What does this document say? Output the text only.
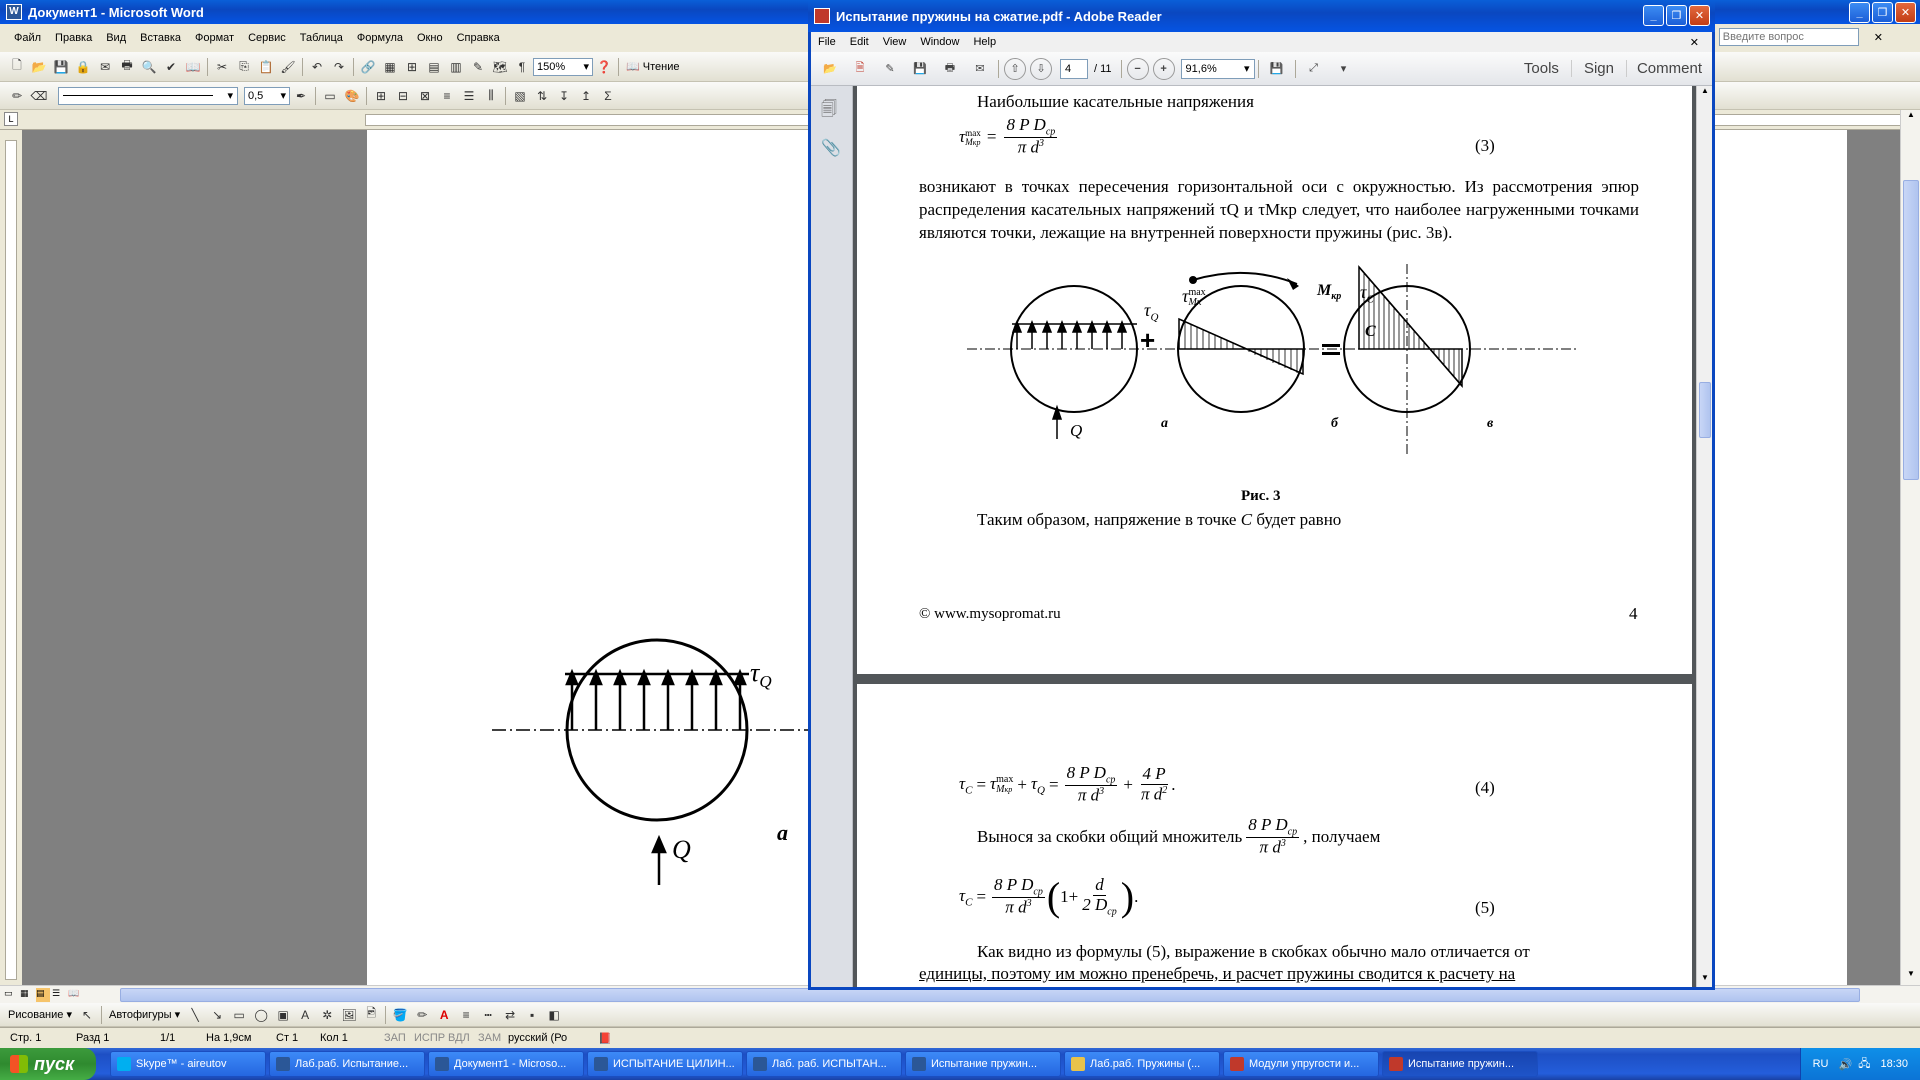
W Документ1 - Microsoft Word	_	❐	✕
Файл	Правка	Вид	Вставка	Формат	Сервис	Таблица	Формула	Окно	Справка
Введите вопрос	✕
🗋 📂 💾 🔒 ✉ 🖶 🔍 ✔ 📖	✂	⎘ 📋 🖌	↶ ↷	🔗 ▦ ⊞ ▤ ▥ ✎ 🗺 ¶	150% ▾ ❓	📖 Чтение
✏ ⌫	▾ 0,5 ▾ ✒	▭ 🎨	⊞ ⊟ ⊠	≡	☰	⫼	▧ ⇅ ↧ ↥	Σ
L
$\tau_Q$
Q
а
▲
▼
▭ ▦ ▤ ☰ 📖
Рисование ▾ ↖	Автофигуры ▾ ╲	↘ ▭ ◯ ▣	A	✲ 🖼 🖻	🪣 ✏	A	≡	┅	⇄	▪	◧
Стр. 1	Разд 1	1/1	На 1,9см	Ст 1	Кол 1	ЗАП ИСПР ВДЛ ЗАМ русский (Ро	📕
Испытание пружины на сжатие.pdf - Adobe Reader	_	❐	✕
File	Edit	View	Window	Help	✕
📂	🗎	✎	💾	🖶	✉	⇧	⇩
4	/ 11	−	+	91,6% ▾	💾	⤢	▾	Tools	Sign	Comment
🗐
📎
Наибольшие касательные напряжения
τ max
Mкр = $\frac{8 P D_{ср}}{\pi d^3}$	(3)
возникают в точках пересечения горизонтальной оси с окружностью. Из рассмотрения эпюр распределения касательных напряжений τQ и τMкр следует, что наиболее нагруженными точками являются точки, лежащие на внутренней поверхности пружины (рис. 3в).
+
$\tau_Q$
Q	а	б	в
τ max
Mк
$M_{кр}$ $\tau_C$
C
Рис. 3
Таким образом, напряжение в точке C будет равно
© www.mysopromat.ru	4
$\tau_C = \tau$ max
Mкр + $\tau_Q = \frac{8 P D_{ср}}{\pi d^3} + \frac{4 P}{\pi d^2}$ .	(4)
Вынося за скобки общий множитель $\frac{8 P D_{ср}}{\pi d^3}$ , получаем
$\tau_C = \frac{8 P D_{ср}}{\pi d^3}$ ( $1+ \frac{d}{2 D_{ср}}$ ) .
(5)
Как видно из формулы (5), выражение в скобках обычно мало отличается от
единицы, поэтому им можно пренебречь, и расчет пружины сводится к расчету на
▲
▼
пуск	Skype™ - aireutov	Лаб.раб. Испытание...	Документ1 - Microso...	ИСПЫТАНИЕ ЦИЛИН...	Лаб. раб. ИСПЫТАН...	Испытание пружин...	Лаб.раб. Пружины (...	Модули упругости и...	Испытание пружин...	RU 🔊 🖧 18:30
